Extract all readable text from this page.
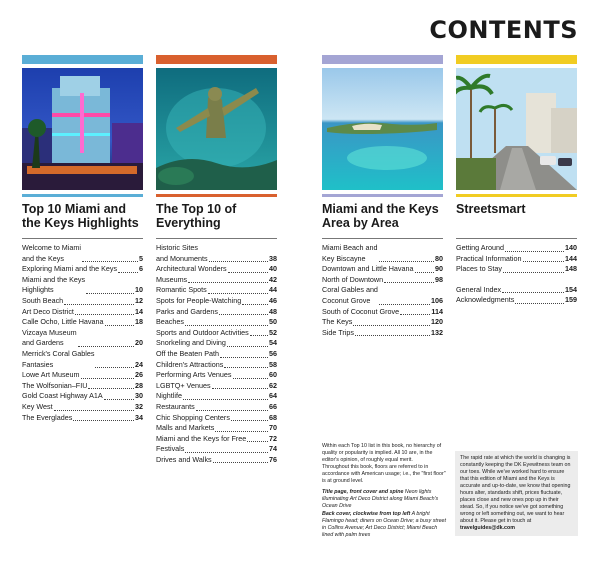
CONTENTS
Top 10 Miami and the Keys Highlights
Welcome to Miami
and the Keys	5
Exploring Miami and the Keys	6
Miami and the Keys
Highlights	10
South Beach	12
Art Deco District	14
Calle Ocho, Little Havana	18
Vizcaya Museum
and Gardens	20
Merrick's Coral Gables
Fantasies	24
Lowe Art Museum	26
The Wolfsonian–FIU	28
Gold Coast Highway A1A	30
Key West	32
The Everglades	34
The Top 10 of Everything
Historic Sites
and Monuments	38
Architectural Wonders	40
Museums	42
Romantic Spots	44
Spots for People-Watching	46
Parks and Gardens	48
Beaches	50
Sports and Outdoor Activities	52
Snorkeling and Diving	54
Off the Beaten Path	56
Children's Attractions	58
Performing Arts Venues	60
LGBTQ+ Venues	62
Nightlife	64
Restaurants	66
Chic Shopping Centers	68
Malls and Markets	70
Miami and the Keys for Free	72
Festivals	74
Drives and Walks	76
Miami and the Keys Area by Area
Miami Beach and
Key Biscayne	80
Downtown and Little Havana	90
North of Downtown	98
Coral Gables and
Coconut Grove	106
South of Coconut Grove	114
The Keys	120
Side Trips	132
Streetsmart
Getting Around	140
Practical Information	144
Places to Stay	148
General Index	154
Acknowledgments	159
Within each Top 10 list in this book, no hierarchy of quality or popularity is implied. All 10 are, in the editor's opinion, of roughly equal merit.
Throughout this book, floors are referred to in accordance with American usage; i.e., the "first floor" is at ground level.
Title page, front cover and spine Neon lights illuminating Art Deco District along Miami Beach's Ocean Drive
Back cover, clockwise from top left A bright Flamingo head; diners on Ocean Drive; a busy street in Collins Avenue; Art Deco District; Miami Beach lined with palm trees
The rapid rate at which the world is changing is constantly keeping the DK Eyewitness team on our toes. While we've worked hard to ensure that this edition of Miami and the Keys is accurate and up-to-date, we know that opening hours alter, standards shift, prices fluctuate, places close and new ones pop up in their stead. So, if you notice we've got something wrong or left something out, we want to hear about it. Please get in touch at
travelguides@dk.com
